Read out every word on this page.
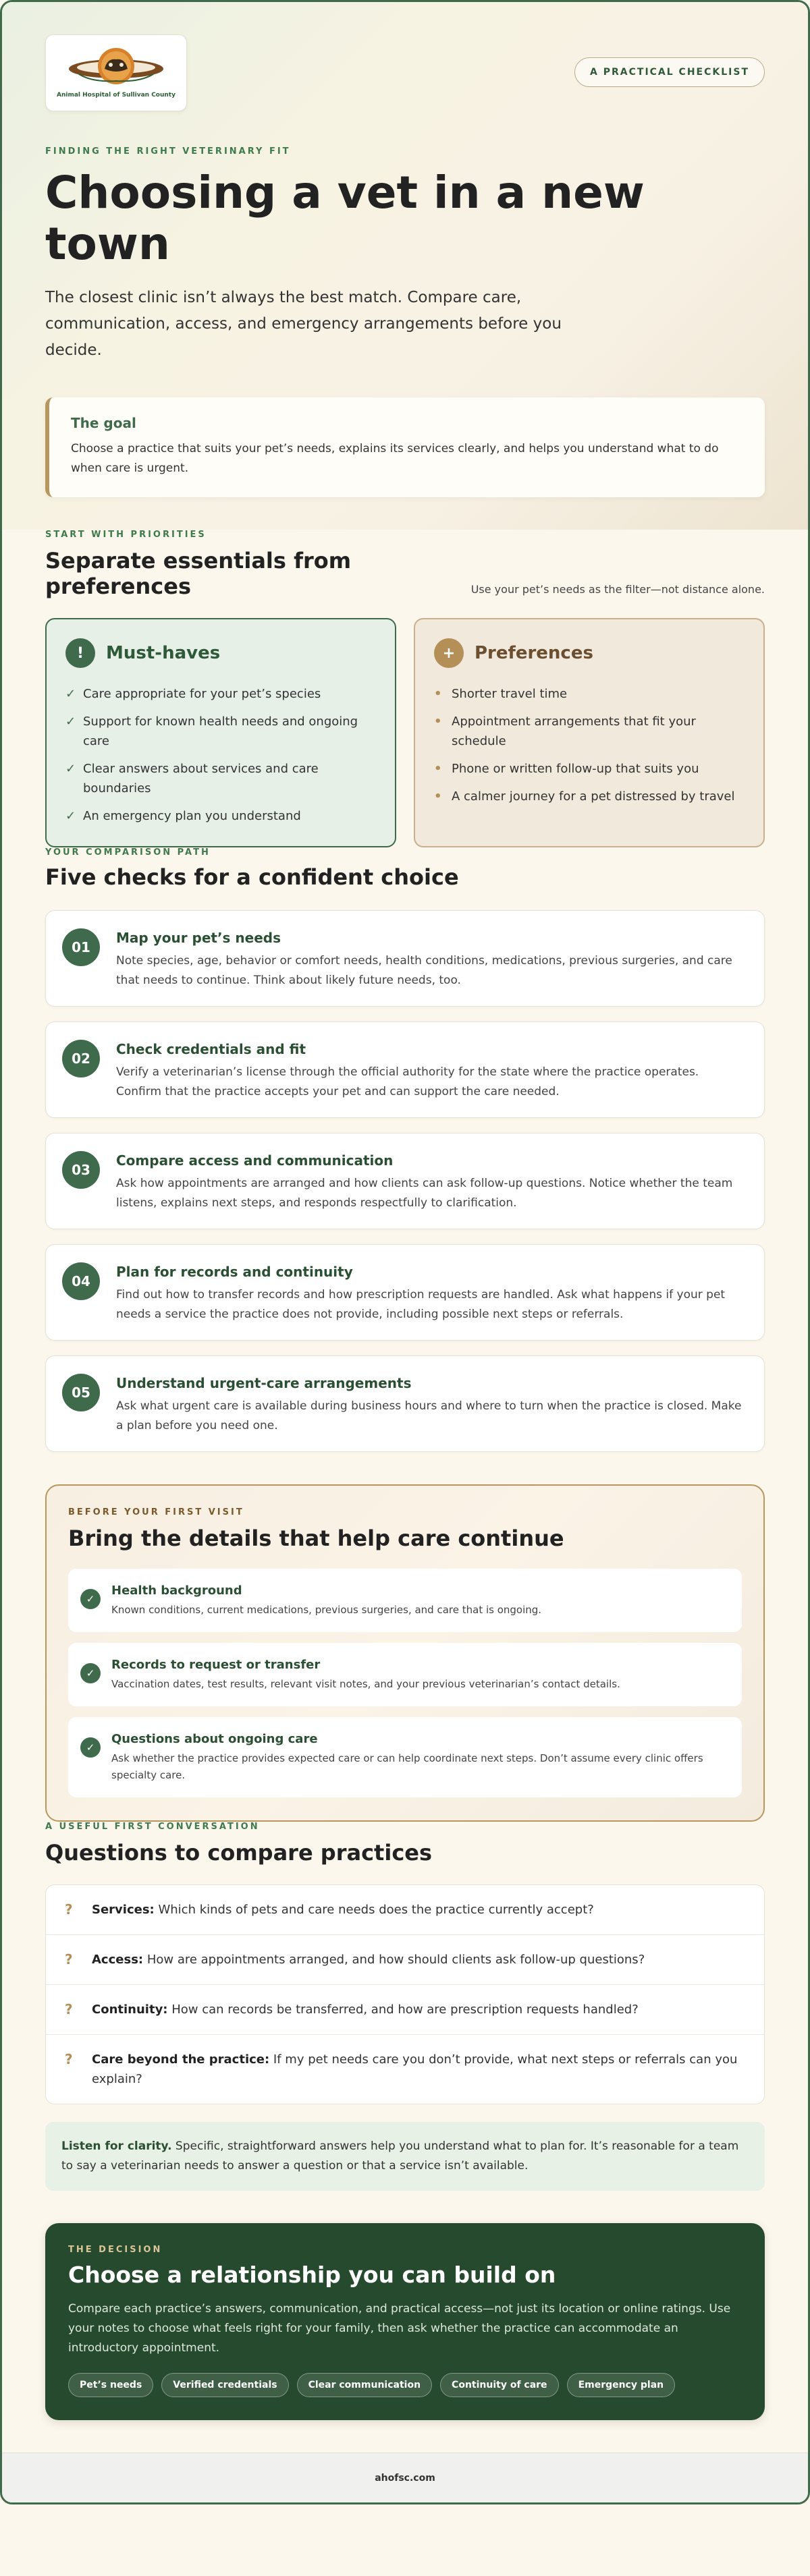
Animal Hospital of Sullivan County
A PRACTICAL CHECKLIST
FINDING THE RIGHT VETERINARY FIT
Choosing a vet in a new town

The closest clinic isn’t always the best match. Compare care, communication, access, and emergency arrangements before you decide.

The goal

Choose a practice that suits your pet’s needs, explains its services clearly, and helps you understand what to do when care is urgent.

START WITH PRIORITIES
Separate essentials from preferences	Use your pet’s needs as the filter—not distance alone.

!	Must-haves
✓ Care appropriate for your pet’s species
✓ Support for known health needs and ongoing care
✓ Clear answers about services and care boundaries
✓ An emergency plan you understand
+	Preferences
• Shorter travel time
• Appointment arrangements that fit your schedule
• Phone or written follow-up that suits you
• A calmer journey for a pet distressed by travel
YOUR COMPARISON PATH
Five checks for a confident choice
01
Map your pet’s needs

Note species, age, behavior or comfort needs, health conditions, medications, previous surgeries, and care that needs to continue. Think about likely future needs, too.

02
Check credentials and fit

Verify a veterinarian’s license through the official authority for the state where the practice operates. Confirm that the practice accepts your pet and can support the care needed.

03
Compare access and communication

Ask how appointments are arranged and how clients can ask follow-up questions. Notice whether the team listens, explains next steps, and responds respectfully to clarification.

04
Plan for records and continuity

Find out how to transfer records and how prescription requests are handled. Ask what happens if your pet needs a service the practice does not provide, including possible next steps or referrals.

05
Understand urgent-care arrangements

Ask what urgent care is available during business hours and where to turn when the practice is closed. Make a plan before you need one.

BEFORE YOUR FIRST VISIT
Bring the details that help care continue
✓
Health background

Known conditions, current medications, previous surgeries, and care that is ongoing.

✓
Records to request or transfer

Vaccination dates, test results, relevant visit notes, and your previous veterinarian’s contact details.

✓
Questions about ongoing care

Ask whether the practice provides expected care or can help coordinate next steps. Don’t assume every clinic offers specialty care.

A USEFUL FIRST CONVERSATION
Questions to compare practices
? Services: Which kinds of pets and care needs does the practice currently accept?
? Access: How are appointments arranged, and how should clients ask follow-up questions?
? Continuity: How can records be transferred, and how are prescription requests handled?
? Care beyond the practice: If my pet needs care you don’t provide, what next steps or referrals can you explain?
Listen for clarity. Specific, straightforward answers help you understand what to plan for. It’s reasonable for a team to say a veterinarian needs to answer a question or that a service isn’t available.
THE DECISION
Choose a relationship you can build on

Compare each practice’s answers, communication, and practical access—not just its location or online ratings. Use your notes to choose what feels right for your family, then ask whether the practice can accommodate an introductory appointment.

Pet’s needs	Verified credentials	Clear communication	Continuity of care	Emergency plan
ahofsc.com
